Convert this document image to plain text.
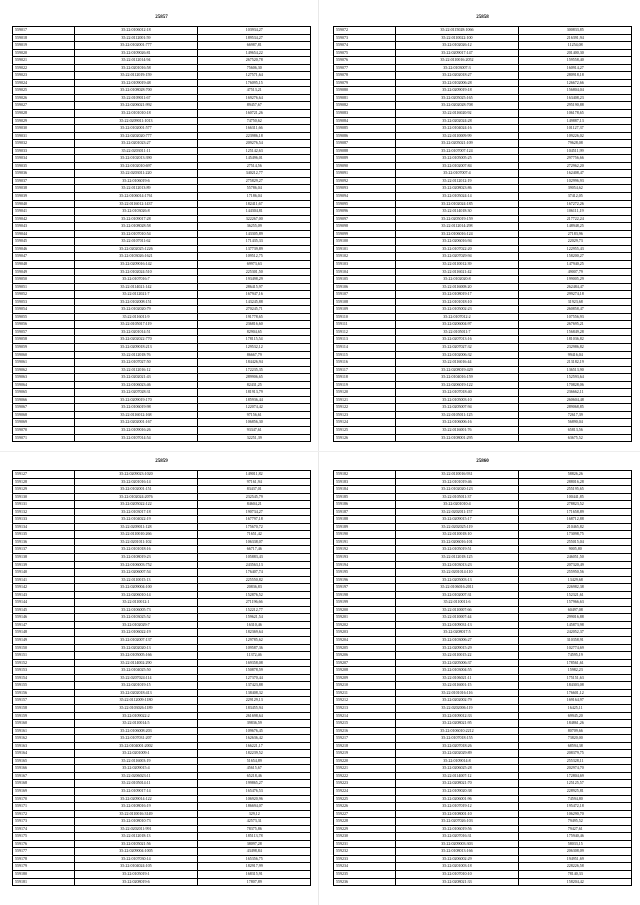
25857
559017	35:22:0106012:18	103934,27
559018	35:22:0112001:59	189534,27
559019	35:22:0102001:777	66987,81
559020	35:22:0109026:81	149654,22
559021	35:22:0112014:94	267520,78
559022	35:22:0201016:58	75606,30
559023	35:22:0112019:159	127571,64
559024	35:22:0109019:48	176095,15
559025	35:22:0108028:700	47513,21
559026	35:22:0109011:67	169276,64
559027	35:22:0206021:992	89457,67
559028	35:22:0101010:18	160721,26
559029	35:22:0209011:1013	74750,62
559030	35:22:0102001:577	166311,66
559031	35:22:0202020:777	223986,18
559032	35:22:0201023:27	209276,54
559033	35:22:0203011:11	125142,63
559034	35:22:0102013:390	145496,01
559035	35:22:0102010:697	27514,56
559036	35:22:0203011:220	340212,77
559037	35:22:0106019:6	275829,27
559038	35:22:0112013:89	55786,04
559039	35:22:0106014:1761	17186,04
559040	35:22:0116012:1437	182411,67
559041	35:22:0103026:8	144304,81
559042	35:22:0109017:28	322267,00
559043	35:22:0108028:58	36255,09
559044	35:22:0107010:54	143305,89
559045	35:22:0107011:62	171435,33
559046	35:22:0202025:1226	137739,89
559047	35:22:0103026:1621	109512,75
559048	35:22:0209016:142	69973,63
559049	35:22:0102024:510	225301,50
559050	35:22:0107016:7	193498,29
559051	35:22:0114021:142	286415,97
559052	35:22:0112021:7	167947,16
559053	35:22:0102008:151	143245,88
559054	35:22:0102020:79	270245,71
559055	35:22:0116011:9	191778,65
559056	35:22:0105017:119	236816,60
559057	35:22:0201014:51	82904,65
559058	35:22:0202022:770	178115,54
559059	35:22:0209018:213	129532,12
559060	35:22:0112018:76	86667,79
559061	35:22:0107027:50	184426,94
559062	35:22:0112016:12	172235,35
559063	35:22:0202021:43	289906,65
559064	35:22:0106023:46	82431,25
559065	35:22:0207028:31	181913,79
559066	35:22:0209019:170	185936,44
559067	35:22:0106019:98	122074,42
559068	35:22:0116012:168	97156,61
559069	35:22:0202001:167	106856,30
559070	35:22:0109016:26	93347,61
559071	35:22:0107014:54	32251,39
25858
559072	35:22:0115028:1066	300833,85
559073	35:22:0110022:100	216391,94
559074	35:22:0102026:12	11254,08
559075	35:22:0209017:147	201400,30
559076	35:22:0110016:2052	159558,40
559077	35:22:0103007:3	160914,27
559078	35:22:0202018:27	280918,18
559079	35:22:0102006:28	126672,66
559080	35:22:0209019:18	156804,04
559081	35:22:0205025:165	163408,23
559082	35:22:0202028:708	295190,88
559083	35:22:0116020:92	106178,65
559084	35:22:0202024:28	149887,13
559085	35:22:0104024:16	101127,37
559086	35:22:0110009:99	109226,02
559087	35:22:0205021:109	79628,08
559088	35:22:0107007:124	104511,99
559089	35:22:0105005:25	297756,66
559090	35:22:0102007:84	272962,20
559091	35:22:0107007:4	162408,47
559092	35:22:0112012:19	102996,93
559093	35:22:0208023:86	39054,62
559094	35:22:0105024:14	37412,05
559095	35:22:0102024:185	167272,26
559096	35:22:0114018:30	106111,19
559097	35:22:0205019:159	217722,24
559098	35:22:0112014:298	148948,25
559099	35:22:0106016:124	27183,96
559100	35:22:0206016:94	22029,73
559101	35:22:0107022:20	122955,43
559102	35:22:0207029:94	158200,27
559103	35:22:0110012:39	147940,25
559104	35:22:0116021:42	49007,79
559105	35:22:0102020:8	199005,29
559106	35:22:0116008:20	262484,47
559107	35:22:0108019:17	299274,18
559108	35:22:0101018:10	31923,68
559109	35:22:0105002:23	260858,47
559110	35:22:0107012:2	107556,93
559111	35:22:0206004:97	267695,21
559112	35:22:0105011:7	156849,28
559113	35:22:0207013:16	181036,82
559114	35:22:0207027:32	232986,82
559115	35:22:0102006:32	99416,04
559116	35:22:0116016:44	213182,19
559117	35:22:0208019:429	136513,90
559118	35:22:0104016:159	152593,64
559119	35:22:0206019:122	170828,06
559120	35:22:0107018:40	236662,11
559121	35:22:0105003:10	260604,48
559122	35:22:0205007:94	289068,85
559123	35:22:0105011:125	72617,39
559124	35:22:0106006:16	56890,04
559125	35:22:0116001:76	65813,56
559126	35:22:0108001:295	63675,52
25859
559127	35:22:0209023:1020	149011,82
559128	35:22:0201016:14	97161,94
559129	35:22:0102001:151	83437,01
559130	35:22:0102024:2076	232545,79
559131	35:22:0205022:122	84604,21
559132	35:22:0103017:18	190734,27
559133	35:22:0104022:19	167797,18
559134	35:22:0209011:128	175670,72
559135	35:22:0110010:266	71651,42
559136	35:22:0201011:102	106338,07
559137	35:22:0101018:16	66717,46
559138	35:22:0108019:23	105883,43
559139	35:22:0106003:752	243563,13
559140	35:22:0206007:54	176407,74
559141	35:22:0110015:13	225550,82
559142	35:22:0209004:100	20836,83
559143	35:22:0206010:14	152876,52
559144	35:22:0110012:1	271196,66
559145	35:22:0106005:73	152212,77
559146	35:22:0103025:52	159621,54
559147	35:22:0102029:7	16310,46
559148	35:22:0106022:19	182369,64
559149	35:22:0102007:137	129785,62
559150	35:22:0202020:13	109587,36
559151	35:22:0105005:166	11372,46
559152	35:22:0114002:290	169358,08
559153	35:22:0104025:50	150878,59
559154	35:22:0207024:114	127370,44
559155	35:22:0201019:15	137423,88
559156	35:22:0202018:413	138408,32
559157	35:22:0112009:1180	229129,13
559158	35:22:0103026:1189	183455,94
559159	35:22:0109022:2	261698,64
559160	35:22:0110014:5	39836,59
559161	35:22:0106008:203	109676,45
559162	35:22:0107031:207	162636,42
559163	35:22:0104001:2002	166221,17
559164	35:22:0201009:1	182239,52
559165	35:22:0116003:19	51654,89
559166	35:22:0209015:4	45615,67
559167	35:22:0206023:11	65218,46
559168	35:22:0105014:11	199865,27
559169	35:22:0109017:14	165476,53
559170	35:22:0209014:122	106920,96
559171	35:22:0108016:19	186694,07
559172	35:22:0110016:3149	329,12
559173	35:22:0108010:73	42573,31
559174	35:22:0202011:991	78375,86
559175	35:22:0112018:13	185113,78
559176	35:22:0105021:56	38097,28
559177	35:22:0209004:1005	43498,84
559178	35:22:0107030:14	165356,75
559179	35:22:0104024:105	182917,99
559180	35:22:0105019:1	168315,91
559181	35:22:0208019:6	17807,89
25860
559182	35:22:0110016:931	58826,26
559183	35:22:0101019:46	288016,28
559184	35:22:0102020:123	255195,65
559185	35:22:0105011:37	100441,85
559186	35:22:0201010:4	278823,52
559187	35:22:0202011:157	171658,89
559188	35:22:0209015:17	168712,88
559189	35:22:0202025:119	210465,82
559190	35:22:0110018:10	173098,75
559191	35:22:0206016:101	255015,04
559192	35:22:0105019:51	9005,80
559193	35:22:0112018:125	246051,50
559194	35:22:0103013:23	207320,49
559195	35:22:0201014:110	255950,56
559196	35:22:0205003:13	13429,68
559197	35:22:0106016:2011	226982,38
559198	35:22:0102007:31	152321,61
559199	35:22:0110011:6	157966,63
559200	35:22:0110007:66	60497,08
559201	35:22:0110007:44	299016,88
559202	35:22:0109031:13	145873,98
559203	35:22:0208017:5	242052,37
559204	35:22:0103006:27	310358,91
559205	35:22:0209015:29	102774,69
559206	35:22:0110015:22	74595,19
559207	35:22:0205006:37	178561,61
559208	35:22:0103004:55	15982,23
559209	35:22:0106021:11	175151,63
559210	35:22:0116001:15	184303,08
559211	35:22:0101016:116	176601,12
559212	35:22:0202002:79	169164,97
559213	35:22:0202006:119	16425,11
559214	35:22:0109012:33	69945,20
559215	35:22:0208021:95	184861,26
559216	35:22:0106010:2212	80709,66
559217	35:22:0107018:155	73820,00
559218	35:22:0207018:26	68594,38
559219	35:22:0202029:89	208379,75
559220	35:22:0109014:8	255328,11
559221	35:22:0206025:28	202974,70
559222	35:22:0114007:12	172804,69
559223	35:22:0208021:70	125125,57
559224	35:22:0109020:38	228925,81
559225	35:22:0206001:96	74594,80
559226	35:22:0107019:12	195472,18
559227	35:22:0108001:10	106290,70
559228	35:22:0207026:103	79495,52
559229	35:22:0106019:56	79427,61
559230	35:22:0207016:31	175940,46
559231	35:22:0209003:303	58033,15
559232	35:22:0108013:166	206308,09
559233	35:22:0206002:29	194951,69
559234	35:22:0201003:18	228226,58
559235	35:22:0107010:10	78140,33
559236	35:22:0208021:33	158204,42
